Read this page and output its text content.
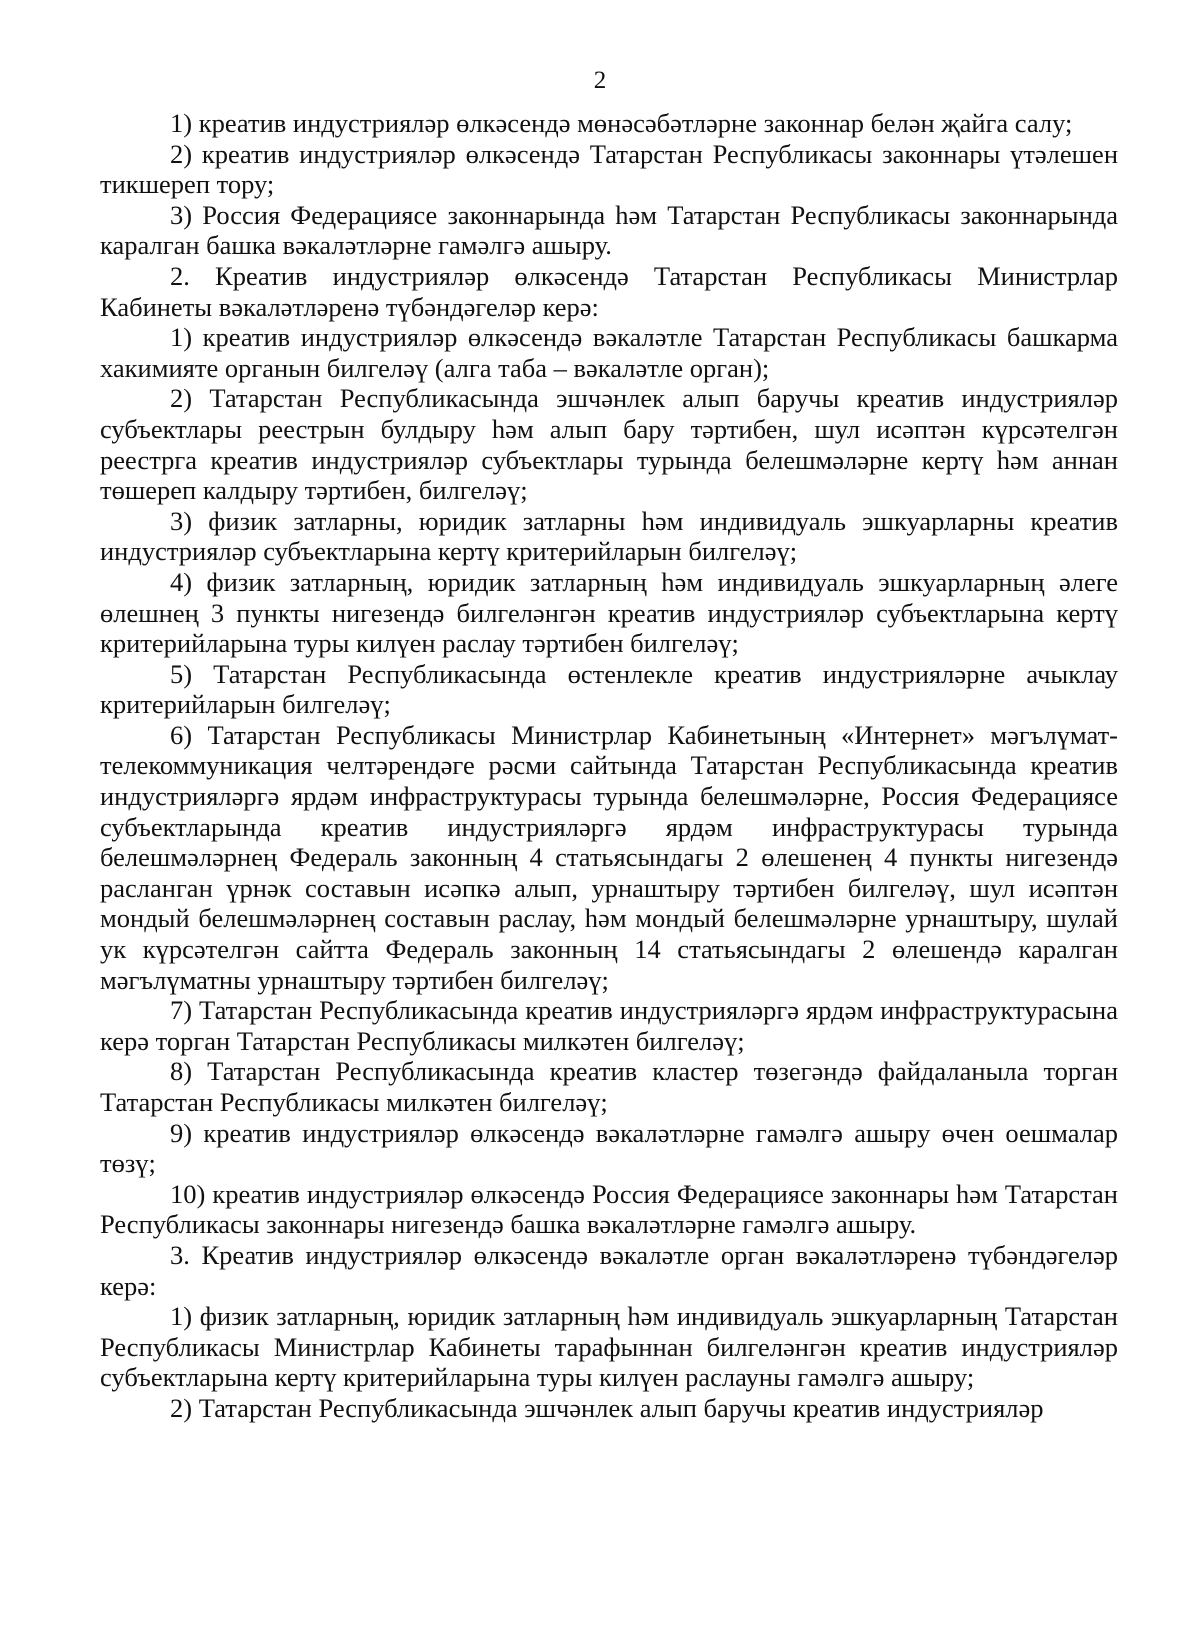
2

1) креатив индустрияләр өлкәсендә мөнәсәбәтләрне законнар белән җайга салу;

2) креатив индустрияләр өлкәсендә Татарстан Республикасы законнары үтәлешен тикшереп тору;

3) Россия Федерациясе законнарында һәм Татарстан Республикасы законнарында каралган башка вәкаләтләрне гамәлгә ашыру.

2. Креатив индустрияләр өлкәсендә Татарстан Республикасы Министрлар Кабинеты вәкаләтләренә түбәндәгеләр керә:

1) креатив индустрияләр өлкәсендә вәкаләтле Татарстан Республикасы башкарма хакимияте органын билгеләү (алга таба – вәкаләтле орган);

2) Татарстан Республикасында эшчәнлек алып баручы креатив индустрияләр субъектлары реестрын булдыру һәм алып бару тәртибен, шул исәптән күрсәтелгән реестрга креатив индустрияләр субъектлары турында белешмәләрне кертү һәм аннан төшереп калдыру тәртибен, билгеләү;

3) физик затларны, юридик затларны һәм индивидуаль эшкуарларны креатив индустрияләр субъектларына кертү критерийларын билгеләү;

4) физик затларның, юридик затларның һәм индивидуаль эшкуарларның әлеге өлешнең 3 пункты нигезендә билгеләнгән креатив индустрияләр субъектларына кертү критерийларына туры килүен раслау тәртибен билгеләү;

5) Татарстан Республикасында өстенлекле креатив индустрияләрне ачыклау критерийларын билгеләү;

6) Татарстан Республикасы Министрлар Кабинетының «Интернет» мәгълүмат-телекоммуникация челтәрендәге рәсми сайтында Татарстан Республикасында креатив индустрияләргә ярдәм инфраструктурасы турында белешмәләрне, Россия Федерациясе субъектларында креатив индустрияләргә ярдәм инфраструктурасы турында белешмәләрнең Федераль законның 4 статьясындагы 2 өлешенең 4 пункты нигезендә расланган үрнәк составын исәпкә алып, урнаштыру тәртибен билгеләү, шул исәптән мондый белешмәләрнең составын раслау, һәм мондый белешмәләрне урнаштыру, шулай ук күрсәтелгән сайтта Федераль законның 14 статьясындагы 2 өлешендә каралган мәгълүматны урнаштыру тәртибен билгеләү;

7) Татарстан Республикасында креатив индустрияләргә ярдәм инфраструктурасына керә торган Татарстан Республикасы милкәтен билгеләү;

8) Татарстан Республикасында креатив кластер төзегәндә файдаланыла торган Татарстан Республикасы милкәтен билгеләү;

9) креатив индустрияләр өлкәсендә вәкаләтләрне гамәлгә ашыру өчен оешмалар төзү;

10) креатив индустрияләр өлкәсендә Россия Федерациясе законнары һәм Татарстан Республикасы законнары нигезендә башка вәкаләтләрне гамәлгә ашыру.

3. Креатив индустрияләр өлкәсендә вәкаләтле орган вәкаләтләренә түбәндәгеләр керә:

1) физик затларның, юридик затларның һәм индивидуаль эшкуарларның Татарстан Республикасы Министрлар Кабинеты тарафыннан билгеләнгән креатив индустрияләр субъектларына кертү критерийларына туры килүен раслауны гамәлгә ашыру;

2) Татарстан Республикасында эшчәнлек алып баручы креатив индустрияләр
